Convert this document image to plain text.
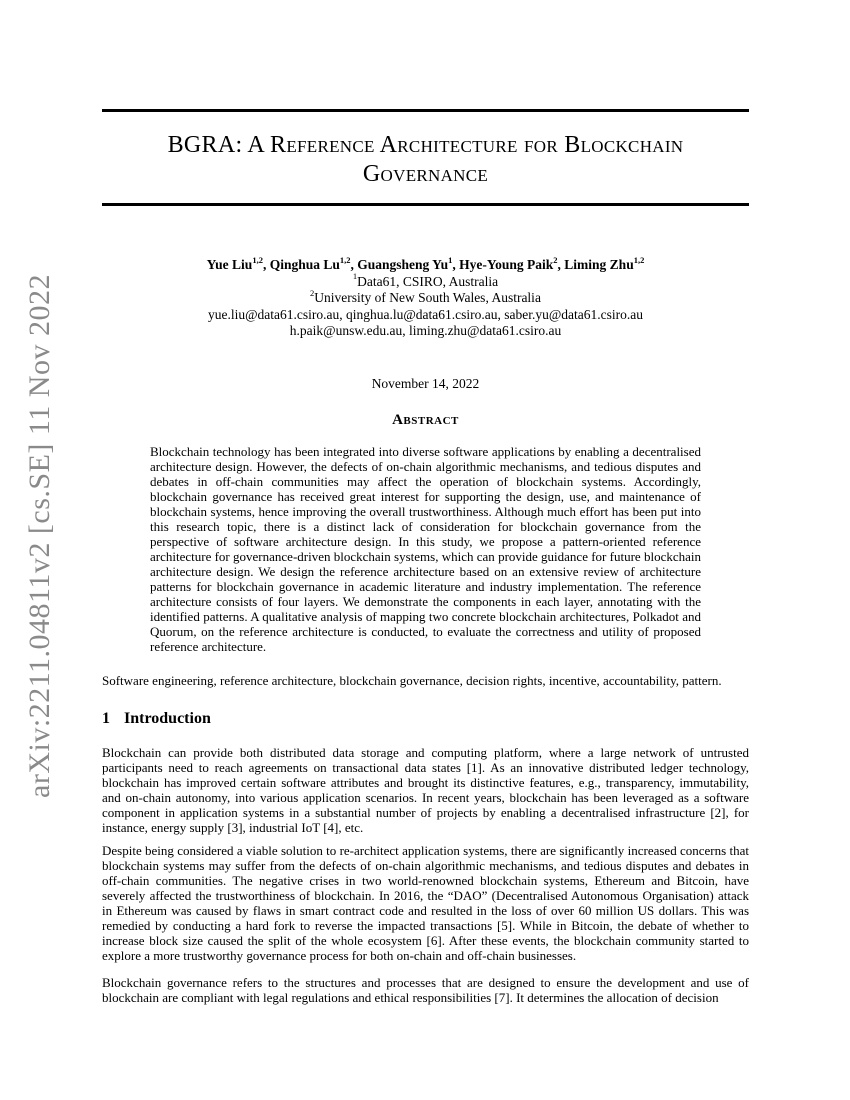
arXiv:2211.04811v2 [cs.SE] 11 Nov 2022
BGRA: A Reference Architecture for Blockchain
Governance
Yue Liu$^{1,2}$, Qinghua Lu$^{1,2}$, Guangsheng Yu$^1$, Hye-Young Paik$^2$, Liming Zhu$^{1,2}$
$^1$Data61, CSIRO, Australia
$^2$University of New South Wales, Australia
yue.liu@data61.csiro.au, qinghua.lu@data61.csiro.au, saber.yu@data61.csiro.au
h.paik@unsw.edu.au, liming.zhu@data61.csiro.au
November 14, 2022
Abstract

Blockchain technology has been integrated into diverse software applications by enabling a decentralised architecture design. However, the defects of on-chain algorithmic mechanisms, and tedious disputes and debates in off-chain communities may affect the operation of blockchain systems. Accordingly, blockchain governance has received great interest for supporting the design, use, and maintenance of blockchain systems, hence improving the overall trustworthiness. Although much effort has been put into this research topic, there is a distinct lack of consideration for blockchain governance from the perspective of software architecture design. In this study, we propose a pattern-oriented reference architecture for governance-driven blockchain systems, which can provide guidance for future blockchain architecture design. We design the reference architecture based on an extensive review of architecture patterns for blockchain governance in academic literature and industry implementation. The reference architecture consists of four layers. We demonstrate the components in each layer, annotating with the identified patterns. A qualitative analysis of mapping two concrete blockchain architectures, Polkadot and Quorum, on the reference architecture is conducted, to evaluate the correctness and utility of proposed reference architecture.

Software engineering, reference architecture, blockchain governance, decision rights, incentive, accountability, pattern.

1 Introduction

Blockchain can provide both distributed data storage and computing platform, where a large network of untrusted participants need to reach agreements on transactional data states [1]. As an innovative distributed ledger technology, blockchain has improved certain software attributes and brought its distinctive features, e.g., transparency, immutability, and on-chain autonomy, into various application scenarios. In recent years, blockchain has been leveraged as a software component in application systems in a substantial number of projects by enabling a decentralised infrastructure [2], for instance, energy supply [3], industrial IoT [4], etc.

Despite being considered a viable solution to re-architect application systems, there are significantly increased concerns that blockchain systems may suffer from the defects of on-chain algorithmic mechanisms, and tedious disputes and debates in off-chain communities. The negative crises in two world-renowned blockchain systems, Ethereum and Bitcoin, have severely affected the trustworthiness of blockchain. In 2016, the “DAO” (Decentralised Autonomous Organisation) attack in Ethereum was caused by flaws in smart contract code and resulted in the loss of over 60 million US dollars. This was remedied by conducting a hard fork to reverse the impacted transactions [5]. While in Bitcoin, the debate of whether to increase block size caused the split of the whole ecosystem [6]. After these events, the blockchain community started to explore a more trustworthy governance process for both on-chain and off-chain businesses.

Blockchain governance refers to the structures and processes that are designed to ensure the development and use of blockchain are compliant with legal regulations and ethical responsibilities [7]. It determines the allocation of decision
